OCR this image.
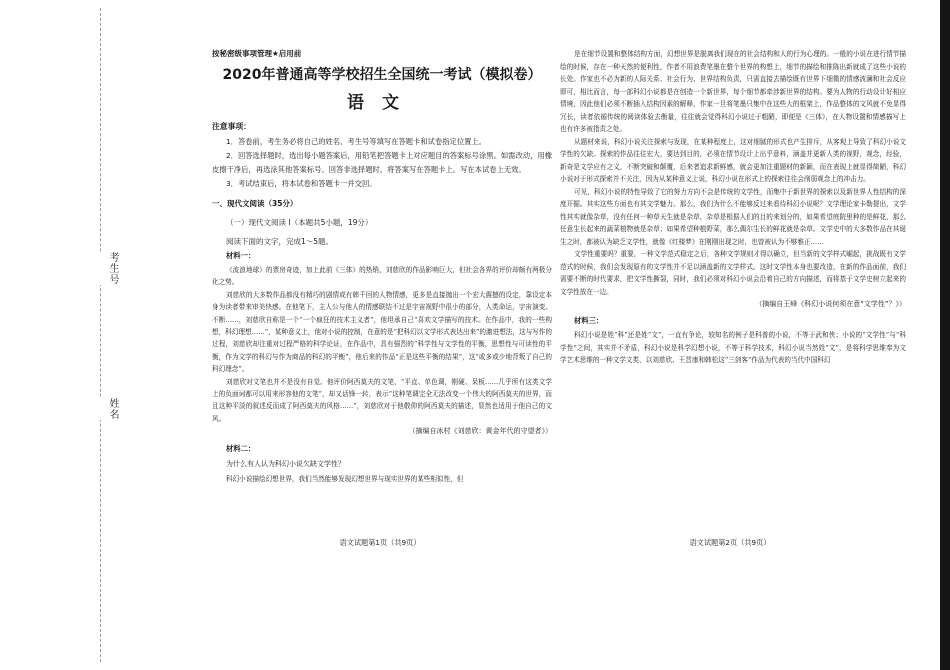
考生号
姓名

按秘密级事项管理★启用前

2020年普通高等学校招生全国统一考试（模拟卷）

语文

注意事项：

1．答卷前，考生务必将自己的姓名、考生号等填写在答题卡和试卷指定位置上。

2．回答选择题时，选出每小题答案后，用铅笔把答题卡上对应题目的答案标号涂黑。如需改动，用橡皮擦干净后，再选涂其他答案标号。回答非选择题时，将答案写在答题卡上。写在本试卷上无效。

3．考试结束后，将本试卷和答题卡一并交回。

一、现代文阅读（35分）

（一）现代文阅读 I（本题共5小题，19分）

阅读下面的文字，完成1～5题。

材料一：

《流浪地球》的票房奇迹，加上此前《三体》的热销，刘慈欣的作品影响巨大，但社会各界的评价却颇有两极分化之势。

刘慈欣的大多数作品都没有精巧的剧情或有韩千回的人物情感，更多是直接抛出一个宏大震撼的设定，靠设定本身为读者带来审美快感。在他笔下，主人公与他人的情感联结不过是宇宙视野中很小的部分，人类命运，宇宙演变。不断……，刘慈欣自称是一个“一个疯狂的技术主义者”，他坦承自己“喜欢文学描写的技术。在作品中，我的一些构想，科幻理想……”，某种意义上，他对小说的控制，在意的是“把科幻以文学形式表达出来”的激进想法，这与写作的过程，刘慈欣却注重对过程严格的科学论证，在作品中，具有强烈的“科学性与文学性的平衡，思想性与可读性的平衡，作为文学的科幻与作为商品的科幻的平衡”，他后来的作品“正是这些平衡的结果”，这“或多或少地背叛了自己的科幻理念”。

刘慈欣对文笔也并不是没有自觉。他评价阿西莫夫的文笔，“平直、单色调，刚硬、呆板……几乎所有这类文学上的负面词都可以用来形容他的文笔”，却又话锋一转，表示“这种笔调完全无法改变一个伟大的阿西莫夫的世界，而且这种平淡的叙述反而成了阿西莫夫的风格……”，刘慈欣对于他敬仰的阿西莫夫的描述，显然也适用于他自己的文风。

（摘编自冰村《刘慈欣：黄金年代的守望者》）

材料二：

为什么有人认为科幻小说欠缺文学性？

科幻小说描绘幻想世界，我们当然能够发现幻想世界与现实世界的某些相似性，但

语文试题第1页（共9页）

是在细节设置和整体结构方面，幻想世界是脱离我们现在的社会结构和人的行为心理的。一般的小说在进行情节描绘的时候，存在一种天然的便利性，作者不用浪费笔墨在整个世界的构想上，细节的描绘和推陈出新就成了这些小说的长处。作家也不必为新的人际关系、社会行为、世界结构负责，只需直接去描绘既有世界下细微的情感波澜和社会反应即可，相比而言，每一部科幻小说都是在创造一个新世界，每个细节都牵涉新世界的结构。要为人物的行动设计好相应情境，因此他们必须不断插入结构因素的解释，作家一旦将笔墨只集中在这些大的框架上，作品整体的文风就不免显得冗长，读者依循传统的阅读体验去衡量，往往就会觉得科幻小说过于粗陋，即便是《三体》，在人物设置和情感描写上也有许多被指责之处。

从题材来说，科幻小说关注探索与发现，在某种程度上，这对细腻的形式也产生排斥，从客观上导致了科幻小说文学性的欠缺。探索的作品往往宏大，要达到目的，必须在情节设计上出乎意料，涵盖并更新人类的视野，观念，经验，新奇是文学应有之义，不断突破和颠覆，后来者追求新鲜感，就会更加注重题材的新颖，而在表现上就显得简陋，科幻小说对于形式探索并不关注，因为从某种意义上说，科幻小说在形式上的探索往往会削弱观念上的冲击力。

可见，科幻小说的特性导致了它的努力方向不会是传统的文学性，而集中于新世界的探索以及新世界人性结构的深度开掘。其实这些方面也有其文学魅力。那么，我们为什么不能够反过来看待科幻小说呢？文学理论家卡勒提出，文学性其实就像杂草，没有任何一种草天生就是杂草，杂草是根据人们的目的来划分的，如果希望庭院里种的是鲜花，那么任意生长起来的蔬菜植物就是杂草；如果希望种植野菜，那么偶尔生长的鲜花就是杂草。文学史中的大多数作品在其诞生之时，都被认为缺乏文学性，就像《红楼梦》在刚刚出现之时，也曾被认为不够雅正……

文学性重要吗？重要，一种文学范式稳定之后，各种文学规则才得以确立，但当新的文学样式崛起，挑战既有文学范式的时候，我们会发现原有的文学性并不足以涵盖新的文学样式。这时文学性本身也要改造，在新的作品面前，我们需要不断的时代要求，把文学性撕裂，同时，我们必须对科幻小说会沿着自己的方向描述，而将基于文学史树立起来的文学性放在一边。

（摘编自王峰《科幻小说何须在意“文学性”？》）

材料三：

科幻小说是姓“科”还是姓“文”，一直有争论，较知名的例子是科普的小说，不等于武和侠；小说的“文学性”与“科学性”之间，其实并不矛盾，科幻小说是科学幻想小说，不等于科学技术，科幻小说当然姓“文”，是将科学思维奉为文学艺术思维的一种文学文类，以刘慈欣、王晋康和韩松这“三剑客”作品为代表的当代中国科幻

语文试题第2页（共9页）
